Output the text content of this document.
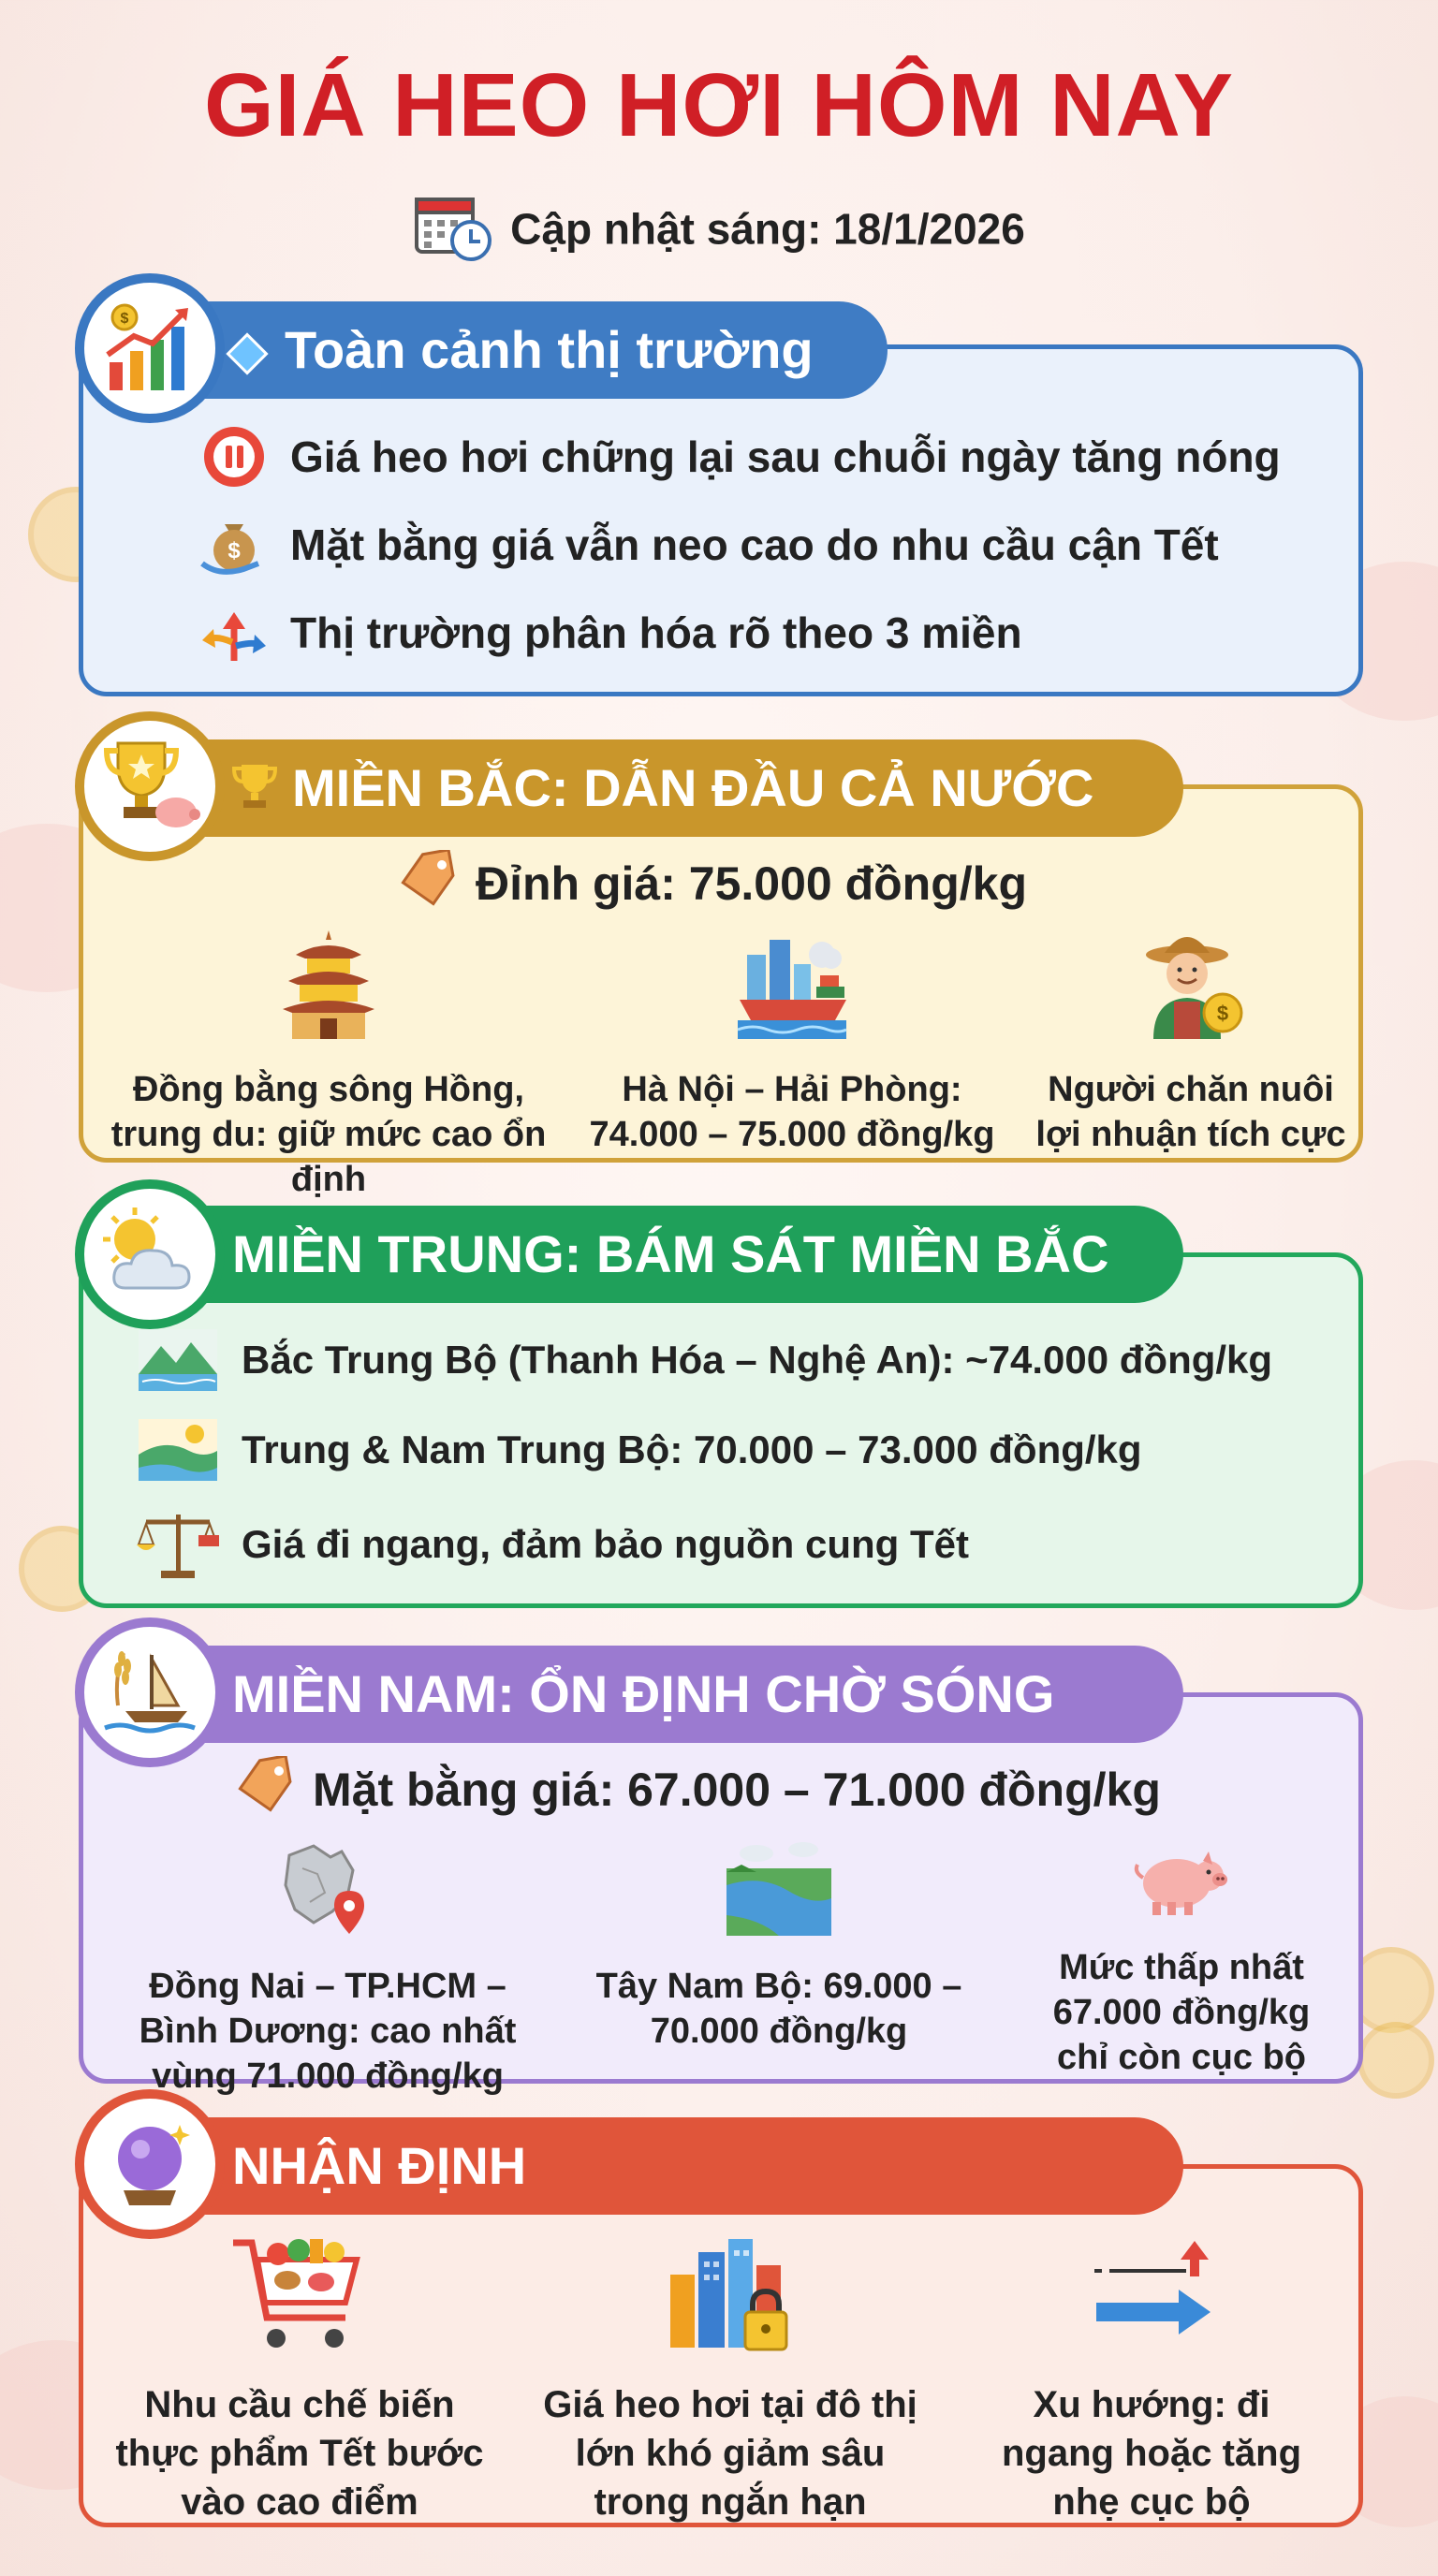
GIÁ HEO HƠI HÔM NAY
Cập nhật sáng: 18/1/2026
Toàn cảnh thị trường
$
Giá heo hơi chững lại sau chuỗi ngày tăng nóng
$ Mặt bằng giá vẫn neo cao do nhu cầu cận Tết
Thị trường phân hóa rõ theo 3 miền
MIỀN BẮC: DẪN ĐẦU CẢ NƯỚC
Đỉnh giá: 75.000 đồng/kg
Đồng bằng sông Hồng, trung du: giữ mức cao ổn định
Hà Nội – Hải Phòng: 74.000 – 75.000 đồng/kg
$
Người chăn nuôi lợi nhuận tích cực
MIỀN TRUNG: BÁM SÁT MIỀN BẮC
Bắc Trung Bộ (Thanh Hóa – Nghệ An): ~74.000 đồng/kg
Trung & Nam Trung Bộ: 70.000 – 73.000 đồng/kg
Giá đi ngang, đảm bảo nguồn cung Tết
MIỀN NAM: ỔN ĐỊNH CHỜ SÓNG
Mặt bằng giá: 67.000 – 71.000 đồng/kg
Đồng Nai – TP.HCM – Bình Dương: cao nhất vùng 71.000 đồng/kg
Tây Nam Bộ: 69.000 – 70.000 đồng/kg
Mức thấp nhất 67.000 đồng/kg chỉ còn cục bộ
NHẬN ĐỊNH
Nhu cầu chế biến thực phẩm Tết bước vào cao điểm
Giá heo hơi tại đô thị lớn khó giảm sâu trong ngắn hạn
Xu hướng: đi ngang hoặc tăng nhẹ cục bộ
